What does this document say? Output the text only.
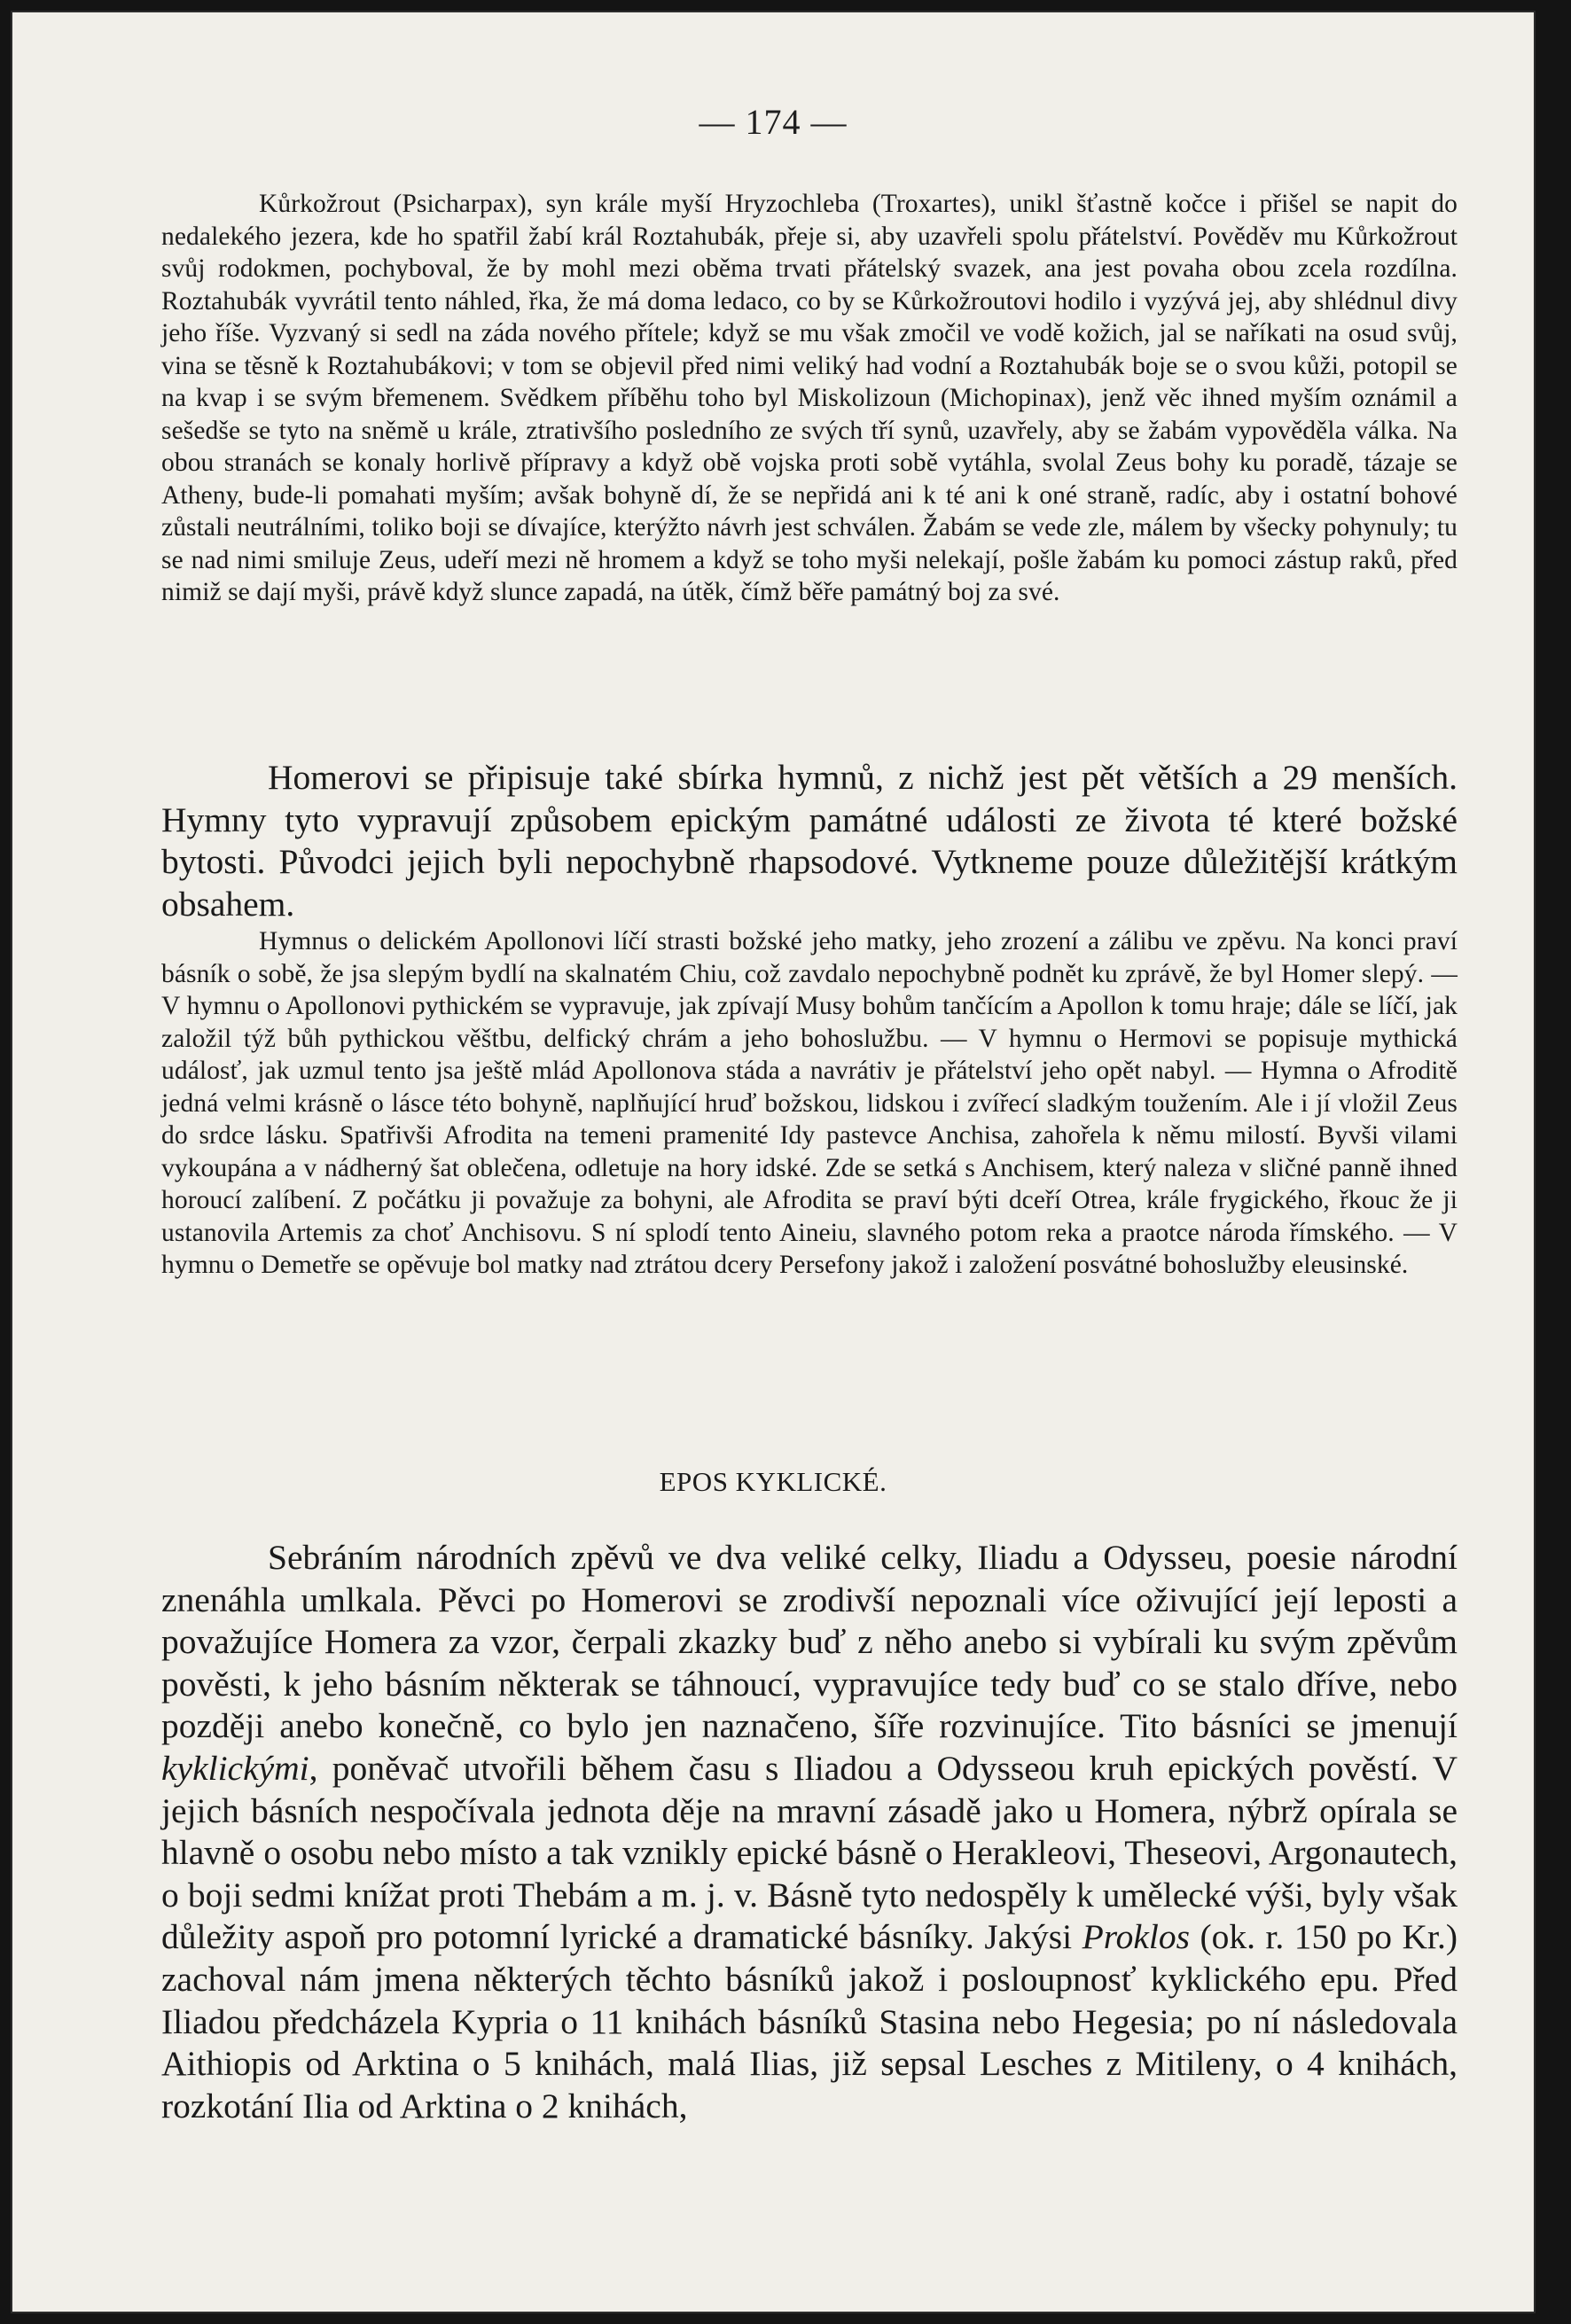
— 174 —

Kůrkožrout (Psicharpax), syn krále myší Hryzochleba (Troxartes), unikl šťastně kočce i přišel se napit do nedalekého jezera, kde ho spatřil žabí král Roztahubák, přeje si, aby uzavřeli spolu přátelství. Pověděv mu Kůrkožrout svůj rodokmen, pochyboval, že by mohl mezi oběma trvati přátelský svazek, ana jest povaha obou zcela rozdílna. Roztahubák vyvrátil tento náhled, řka, že má doma ledaco, co by se Kůrkožroutovi hodilo i vyzývá jej, aby shlédnul divy jeho říše. Vyzvaný si sedl na záda nového přítele; když se mu však zmočil ve vodě kožich, jal se naříkati na osud svůj, vina se těsně k Roztahubákovi; v tom se objevil před nimi veliký had vodní a Roztahubák boje se o svou kůži, potopil se na kvap i se svým břemenem. Svědkem příběhu toho byl Miskolizoun (Michopinax), jenž věc ihned myším oznámil a sešedše se tyto na sněmě u krále, ztrativšího posledního ze svých tří synů, uzavřely, aby se žabám vypověděla válka. Na obou stranách se konaly horlivě přípravy a když obě vojska proti sobě vytáhla, svolal Zeus bohy ku poradě, tázaje se Atheny, bude-li pomahati myším; avšak bohyně dí, že se nepřidá ani k té ani k oné straně, radíc, aby i ostatní bohové zůstali neutrálními, toliko boji se dívajíce, kterýžto návrh jest schválen. Žabám se vede zle, málem by všecky pohynuly; tu se nad nimi smiluje Zeus, udeří mezi ně hromem a když se toho myši nelekají, pošle žabám ku pomoci zástup raků, před nimiž se dají myši, právě když slunce zapadá, na útěk, čímž běře památný boj za své.

Homerovi se připisuje také sbírka hymnů, z nichž jest pět větších a 29 menších. Hymny tyto vypravují způsobem epickým památné události ze života té které božské bytosti. Původci jejich byli nepochybně rhapsodové. Vytkneme pouze důležitější krátkým obsahem.

Hymnus o delickém Apollonovi líčí strasti božské jeho matky, jeho zrození a zálibu ve zpěvu. Na konci praví básník o sobě, že jsa slepým bydlí na skalnatém Chiu, což zavdalo nepochybně podnět ku zprávě, že byl Homer slepý. — V hymnu o Apollonovi pythickém se vypravuje, jak zpívají Musy bohům tančícím a Apollon k tomu hraje; dále se líčí, jak založil týž bůh pythickou věštbu, delfický chrám a jeho bohoslužbu. — V hymnu o Hermovi se popisuje mythická událosť, jak uzmul tento jsa ještě mlád Apollonova stáda a navrátiv je přátelství jeho opět nabyl. — Hymna o Afroditě jedná velmi krásně o lásce této bohyně, naplňující hruď božskou, lidskou i zvířecí sladkým toužením. Ale i jí vložil Zeus do srdce lásku. Spatřivši Afrodita na temeni pramenité Idy pastevce Anchisa, zahořela k němu milostí. Byvši vilami vykoupána a v nádherný šat oblečena, odletuje na hory idské. Zde se setká s Anchisem, který naleza v sličné panně ihned horoucí zalíbení. Z počátku ji považuje za bohyni, ale Afrodita se praví býti dceří Otrea, krále frygického, řkouc že ji ustanovila Artemis za choť Anchisovu. S ní splodí tento Aineiu, slavného potom reka a praotce národa římského. — V hymnu o Demetře se opěvuje bol matky nad ztrátou dcery Persefony jakož i založení posvátné bohoslužby eleusinské.

EPOS KYKLICKÉ.

Sebráním národních zpěvů ve dva veliké celky, Iliadu a Odysseu, poesie národní znenáhla umlkala. Pěvci po Homerovi se zrodivší nepoznali více oživující její leposti a považujíce Homera za vzor, čerpali zkazky buď z něho anebo si vybírali ku svým zpěvům pověsti, k jeho básním některak se táhnoucí, vypravujíce tedy buď co se stalo dříve, nebo později anebo konečně, co bylo jen naznačeno, šíře rozvinujíce. Tito básníci se jmenují kyklickými, poněvač utvořili během času s Iliadou a Odysseou kruh epických pověstí. V jejich básních nespočívala jednota děje na mravní zásadě jako u Homera, nýbrž opírala se hlavně o osobu nebo místo a tak vznikly epické básně o Herakleovi, Theseovi, Argonautech, o boji sedmi knížat proti Thebám a m. j. v. Básně tyto nedospěly k umělecké výši, byly však důležity aspoň pro potomní lyrické a dramatické básníky. Jakýsi Proklos (ok. r. 150 po Kr.) zachoval nám jmena některých těchto básníků jakož i posloupnosť kyklického epu. Před Iliadou předcházela Kypria o 11 knihách básníků Stasina nebo Hegesia; po ní následovala Aithiopis od Arktina o 5 knihách, malá Ilias, již sepsal Lesches z Mitileny, o 4 knihách, rozkotání Ilia od Arktina o 2 knihách,
